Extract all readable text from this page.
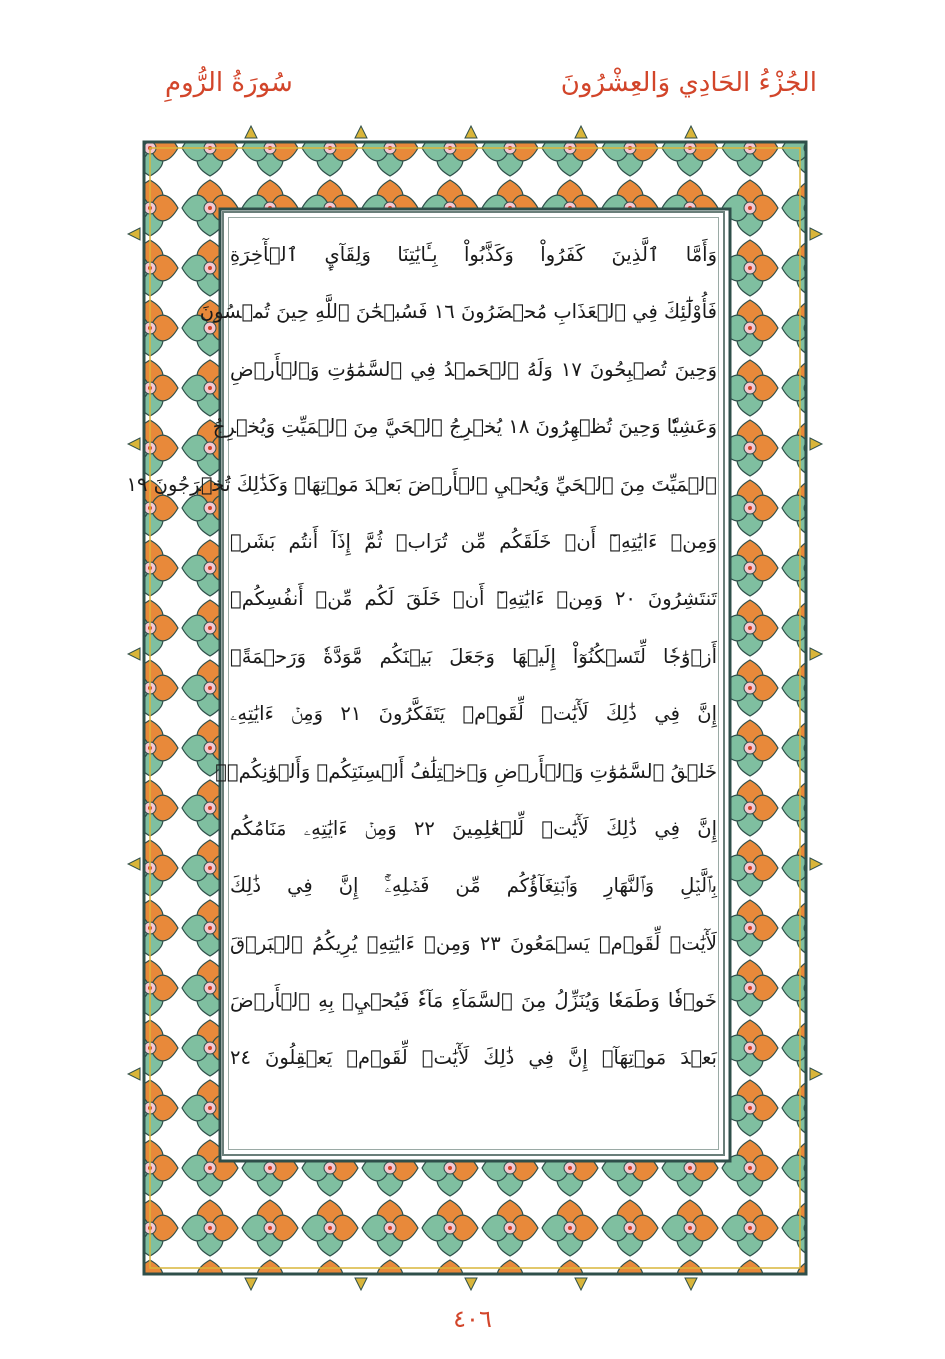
سُورَةُ الرُّومِ	الجُزْءُ الحَادِي وَالعِشْرُونَ
وَأَمَّا ٱلَّذِينَ كَفَرُواْ وَكَذَّبُواْ بِـَٔايَٰتِنَا وَلِقَآيِٕ ٱلۡأٓخِرَةِ
فَأُوْلَٰٓئِكَ فِي ٱلۡعَذَابِ مُحۡضَرُونَ ١٦ فَسُبۡحَٰنَ ٱللَّهِ حِينَ تُمۡسُونَ
وَحِينَ تُصۡبِحُونَ ١٧ وَلَهُ ٱلۡحَمۡدُ فِي ٱلسَّمَٰوَٰتِ وَٱلۡأَرۡضِ
وَعَشِيّٗا وَحِينَ تُظۡهِرُونَ ١٨ يُخۡرِجُ ٱلۡحَيَّ مِنَ ٱلۡمَيِّتِ وَيُخۡرِجُ
ٱلۡمَيِّتَ مِنَ ٱلۡحَيِّ وَيُحۡيِ ٱلۡأَرۡضَ بَعۡدَ مَوۡتِهَاۚ وَكَذَٰلِكَ تُخۡرَجُونَ ١٩
وَمِنۡ ءَايَٰتِهِۦٓ أَنۡ خَلَقَكُم مِّن تُرَابٖ ثُمَّ إِذَآ أَنتُم بَشَرٞ
تَنتَشِرُونَ ٢٠ وَمِنۡ ءَايَٰتِهِۦٓ أَنۡ خَلَقَ لَكُم مِّنۡ أَنفُسِكُمۡ
أَزۡوَٰجٗا لِّتَسۡكُنُوٓاْ إِلَيۡهَا وَجَعَلَ بَيۡنَكُم مَّوَدَّةٗ وَرَحۡمَةًۚ
إِنَّ فِي ذَٰلِكَ لَأٓيَٰتٖ لِّقَوۡمٖ يَتَفَكَّرُونَ ٢١ وَمِنۡ ءَايَٰتِهِۦ
خَلۡقُ ٱلسَّمَٰوَٰتِ وَٱلۡأَرۡضِ وَٱخۡتِلَٰفُ أَلۡسِنَتِكُمۡ وَأَلۡوَٰنِكُمۡۚ
إِنَّ فِي ذَٰلِكَ لَأٓيَٰتٖ لِّلۡعَٰلِمِينَ ٢٢ وَمِنۡ ءَايَٰتِهِۦ مَنَامُكُم
بِٱلَّيۡلِ وَٱلنَّهَارِ وَٱبۡتِغَآؤُكُم مِّن فَضۡلِهِۦٓۚ إِنَّ فِي ذَٰلِكَ
لَأٓيَٰتٖ لِّقَوۡمٖ يَسۡمَعُونَ ٢٣ وَمِنۡ ءَايَٰتِهِۦ يُرِيكُمُ ٱلۡبَرۡقَ
خَوۡفٗا وَطَمَعٗا وَيُنَزِّلُ مِنَ ٱلسَّمَآءِ مَآءٗ فَيُحۡيِۦ بِهِ ٱلۡأَرۡضَ
بَعۡدَ مَوۡتِهَآۚ إِنَّ فِي ذَٰلِكَ لَأٓيَٰتٖ لِّقَوۡمٖ يَعۡقِلُونَ ٢٤
٤٠٦
